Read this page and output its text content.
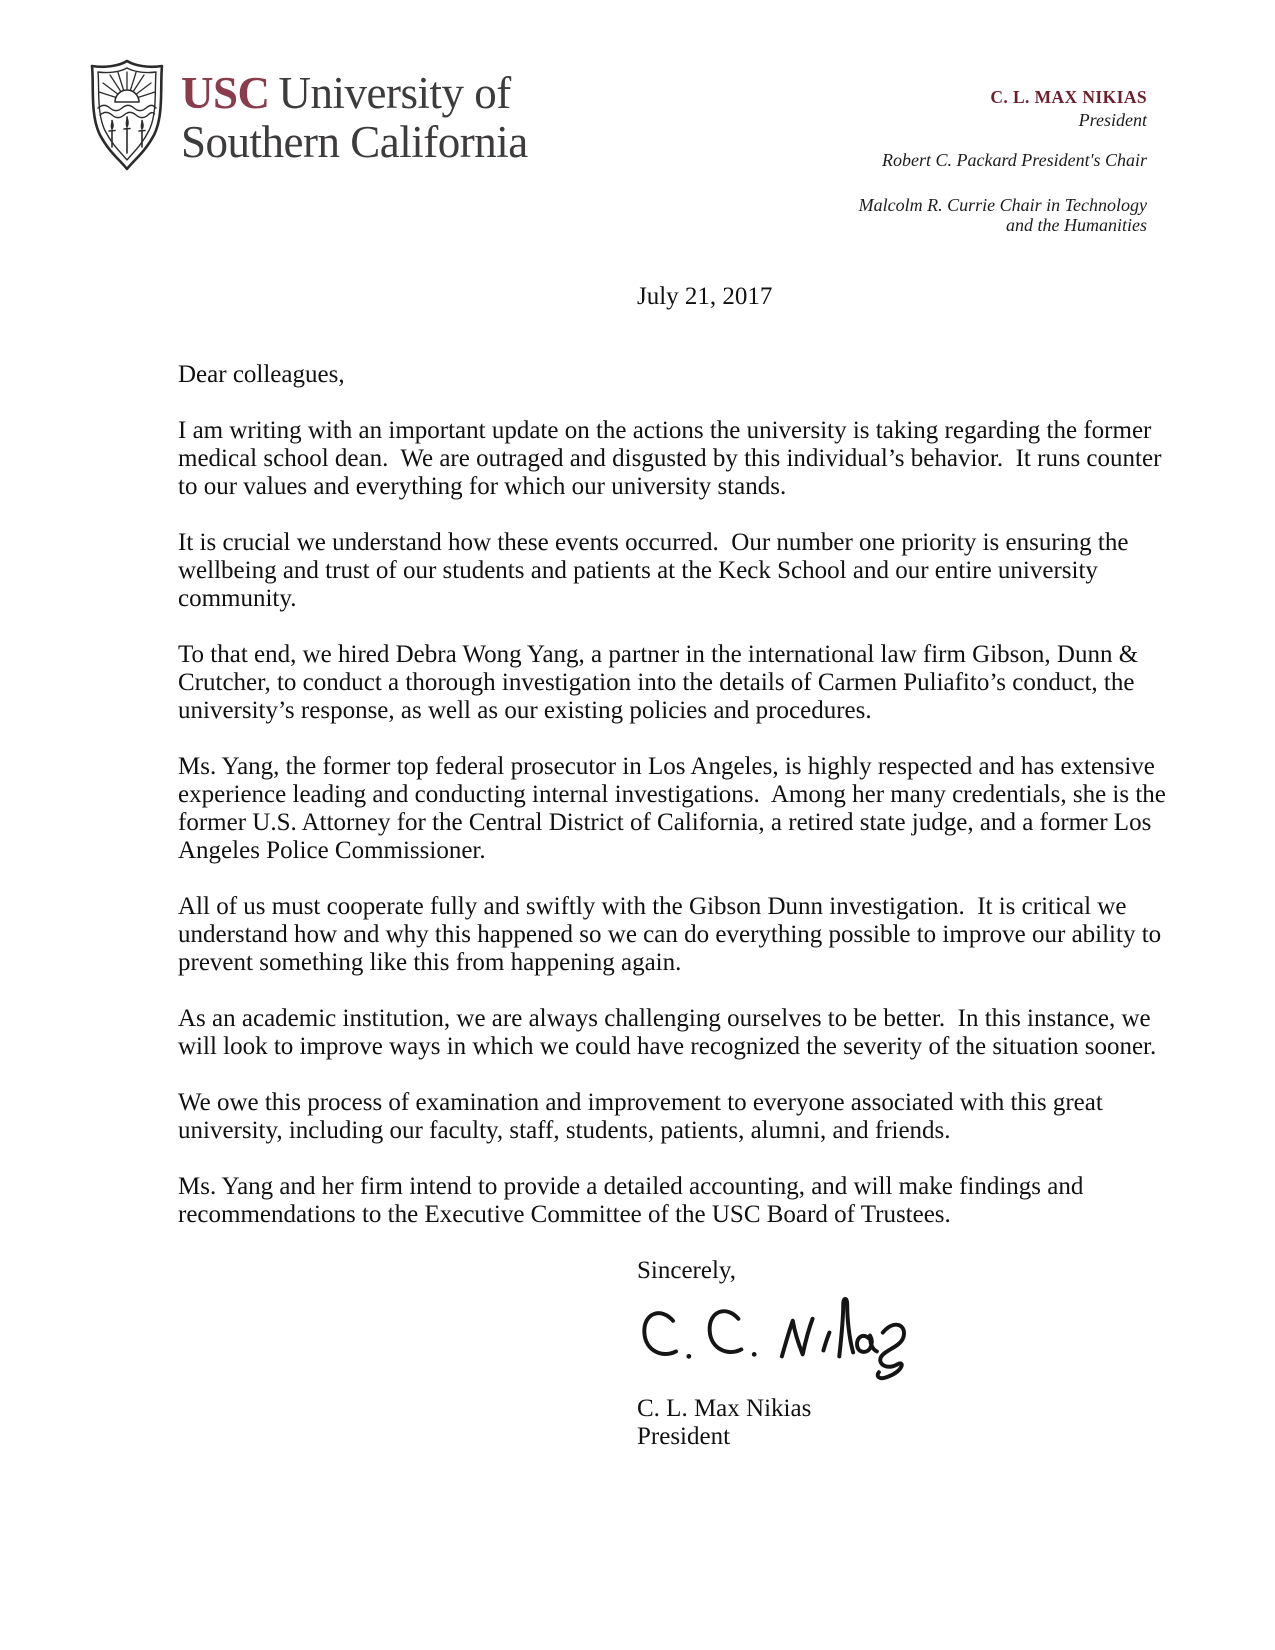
USC University of
Southern California
C. L. MAX NIKIAS
President
Robert C. Packard President's Chair
Malcolm R. Currie Chair in Technology
and the Humanities
July 21, 2017

Dear colleagues,

I am writing with an important update on the actions the university is taking regarding the former medical school dean.  We are outraged and disgusted by this individual’s behavior.  It runs counter to our values and everything for which our university stands.

It is crucial we understand how these events occurred.  Our number one priority is ensuring the wellbeing and trust of our students and patients at the Keck School and our entire university community.

To that end, we hired Debra Wong Yang, a partner in the international law firm Gibson, Dunn & Crutcher, to conduct a thorough investigation into the details of Carmen Puliafito’s conduct, the university’s response, as well as our existing policies and procedures.

Ms. Yang, the former top federal prosecutor in Los Angeles, is highly respected and has extensive experience leading and conducting internal investigations.  Among her many credentials, she is the former U.S. Attorney for the Central District of California, a retired state judge, and a former Los Angeles Police Commissioner.

All of us must cooperate fully and swiftly with the Gibson Dunn investigation.  It is critical we understand how and why this happened so we can do everything possible to improve our ability to prevent something like this from happening again.

As an academic institution, we are always challenging ourselves to be better.  In this instance, we will look to improve ways in which we could have recognized the severity of the situation sooner.

We owe this process of examination and improvement to everyone associated with this great university, including our faculty, staff, students, patients, alumni, and friends.

Ms. Yang and her firm intend to provide a detailed accounting, and will make findings and recommendations to the Executive Committee of the USC Board of Trustees.

Sincerely,
C. L. Max Nikias
President
